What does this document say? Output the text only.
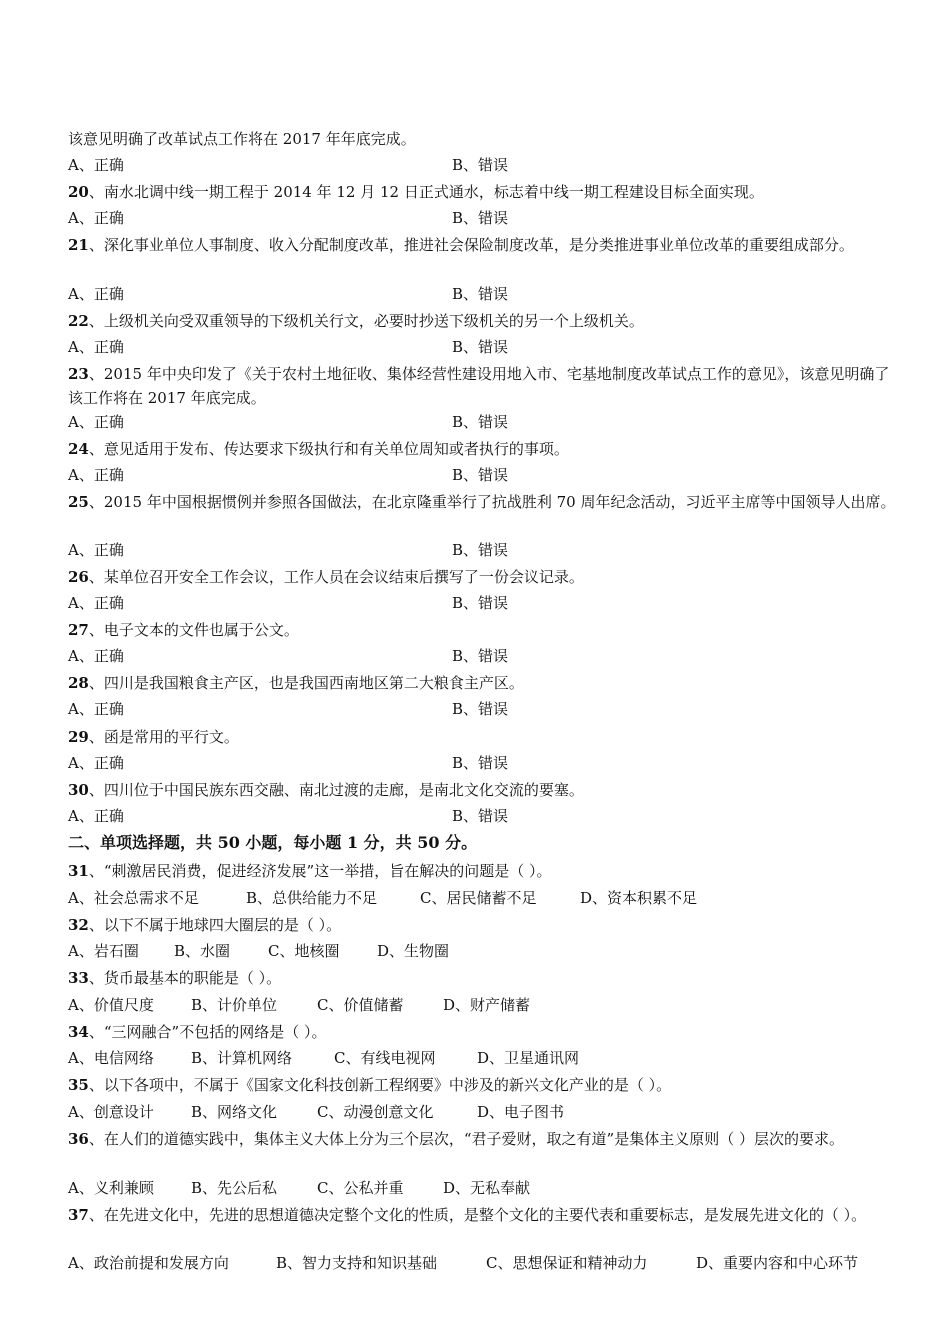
该意见明确了改革试点工作将在 2017 年年底完成。
A、正确	B、错误
20、南水北调中线一期工程于 2014 年 12 月 12 日正式通水，标志着中线一期工程建设目标全面实现。
A、正确	B、错误
21、深化事业单位人事制度、收入分配制度改革，推进社会保险制度改革，是分类推进事业单位改革的重要组成部分。
A、正确	B、错误
22、上级机关向受双重领导的下级机关行文，必要时抄送下级机关的另一个上级机关。
A、正确	B、错误
23、2015 年中央印发了《关于农村土地征收、集体经营性建设用地入市、宅基地制度改革试点工作的意见》，该意见明确了该工作将在 2017 年底完成。
A、正确	B、错误
24、意见适用于发布、传达要求下级执行和有关单位周知或者执行的事项。
A、正确	B、错误
25、2015 年中国根据惯例并参照各国做法，在北京隆重举行了抗战胜利 70 周年纪念活动，习近平主席等中国领导人出席。
A、正确	B、错误
26、某单位召开安全工作会议，工作人员在会议结束后撰写了一份会议记录。
A、正确	B、错误
27、电子文本的文件也属于公文。
A、正确	B、错误
28、四川是我国粮食主产区，也是我国西南地区第二大粮食主产区。
A、正确	B、错误
29、函是常用的平行文。
A、正确	B、错误
30、四川位于中国民族东西交融、南北过渡的走廊，是南北文化交流的要塞。
A、正确	B、错误
二、单项选择题，共 50 小题，每小题 1 分，共 50 分。
31、“刺激居民消费，促进经济发展”这一举措，旨在解决的问题是（ ）。
A、社会总需求不足	B、总供给能力不足	C、居民储蓄不足	D、资本积累不足
32、以下不属于地球四大圈层的是（ ）。
A、岩石圈 B、水圈	C、地核圈	D、生物圈
33、货币最基本的职能是（ ）。
A、价值尺度 B、计价单位	C、价值储蓄	D、财产储蓄
34、“三网融合”不包括的网络是（ ）。
A、电信网络 B、计算机网络	C、有线电视网	D、卫星通讯网
35、以下各项中，不属于《国家文化科技创新工程纲要》中涉及的新兴文化产业的是（ ）。
A、创意设计 B、网络文化	C、动漫创意文化	D、电子图书
36、在人们的道德实践中，集体主义大体上分为三个层次，“君子爱财，取之有道”是集体主义原则（ ）层次的要求。
A、义利兼顾 B、先公后私	C、公私并重	D、无私奉献
37、在先进文化中，先进的思想道德决定整个文化的性质，是整个文化的主要代表和重要标志，是发展先进文化的（ ）。
A、政治前提和发展方向	B、智力支持和知识基础	C、思想保证和精神动力	D、重要内容和中心环节
